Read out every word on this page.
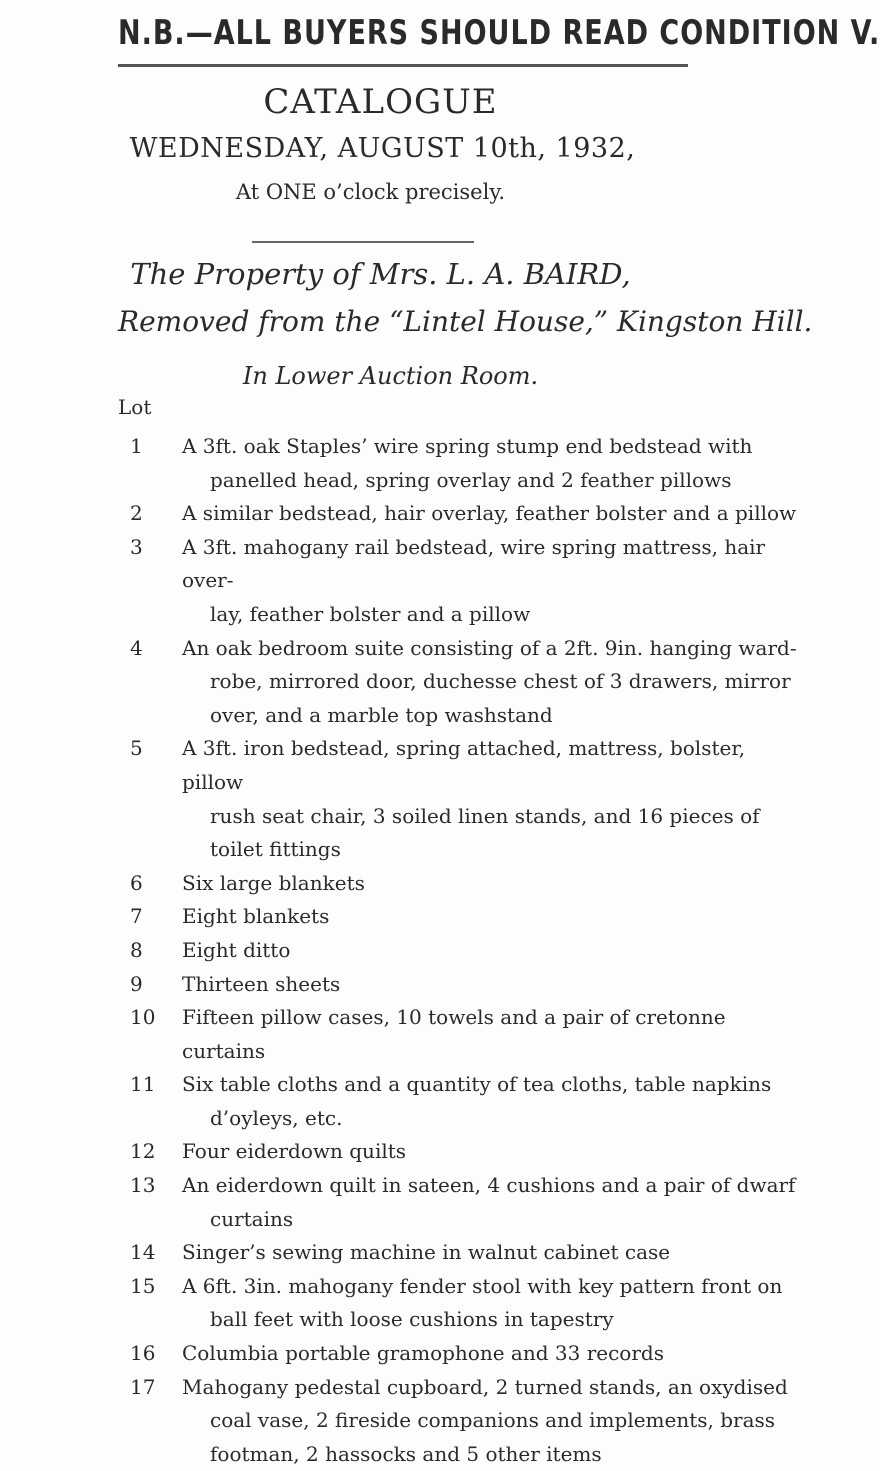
N.B.—ALL BUYERS SHOULD READ CONDITION V.
CATALOGUE
WEDNESDAY, AUGUST 10th, 1932,
At ONE o’clock precisely.
The Property of Mrs. L. A. BAIRD,
Removed from the “Lintel House,” Kingston Hill.
In Lower Auction Room.
Lot
1	A 3ft. oak Staples’ wire spring stump end bedstead with
panelled head, spring overlay and 2 feather pillows
2	A similar bedstead, hair overlay, feather bolster and a pillow
3	A 3ft. mahogany rail bedstead, wire spring mattress, hair over-
lay, feather bolster and a pillow
4	An oak bedroom suite consisting of a 2ft. 9in. hanging ward-
robe, mirrored door, duchesse chest of 3 drawers, mirror
over, and a marble top washstand
5	A 3ft. iron bedstead, spring attached, mattress, bolster, pillow
rush seat chair, 3 soiled linen stands, and 16 pieces of
toilet fittings
6	Six large blankets
7	Eight blankets
8	Eight ditto
9	Thirteen sheets
10	Fifteen pillow cases, 10 towels and a pair of cretonne curtains
11	Six table cloths and a quantity of tea cloths, table napkins
d’oyleys, etc.
12	Four eiderdown quilts
13	An eiderdown quilt in sateen, 4 cushions and a pair of dwarf
curtains
14	Singer’s sewing machine in walnut cabinet case
15	A 6ft. 3in. mahogany fender stool with key pattern front on
ball feet with loose cushions in tapestry
16	Columbia portable gramophone and 33 records
17	Mahogany pedestal cupboard, 2 turned stands, an oxydised
coal vase, 2 fireside companions and implements, brass
footman, 2 hassocks and 5 other items
